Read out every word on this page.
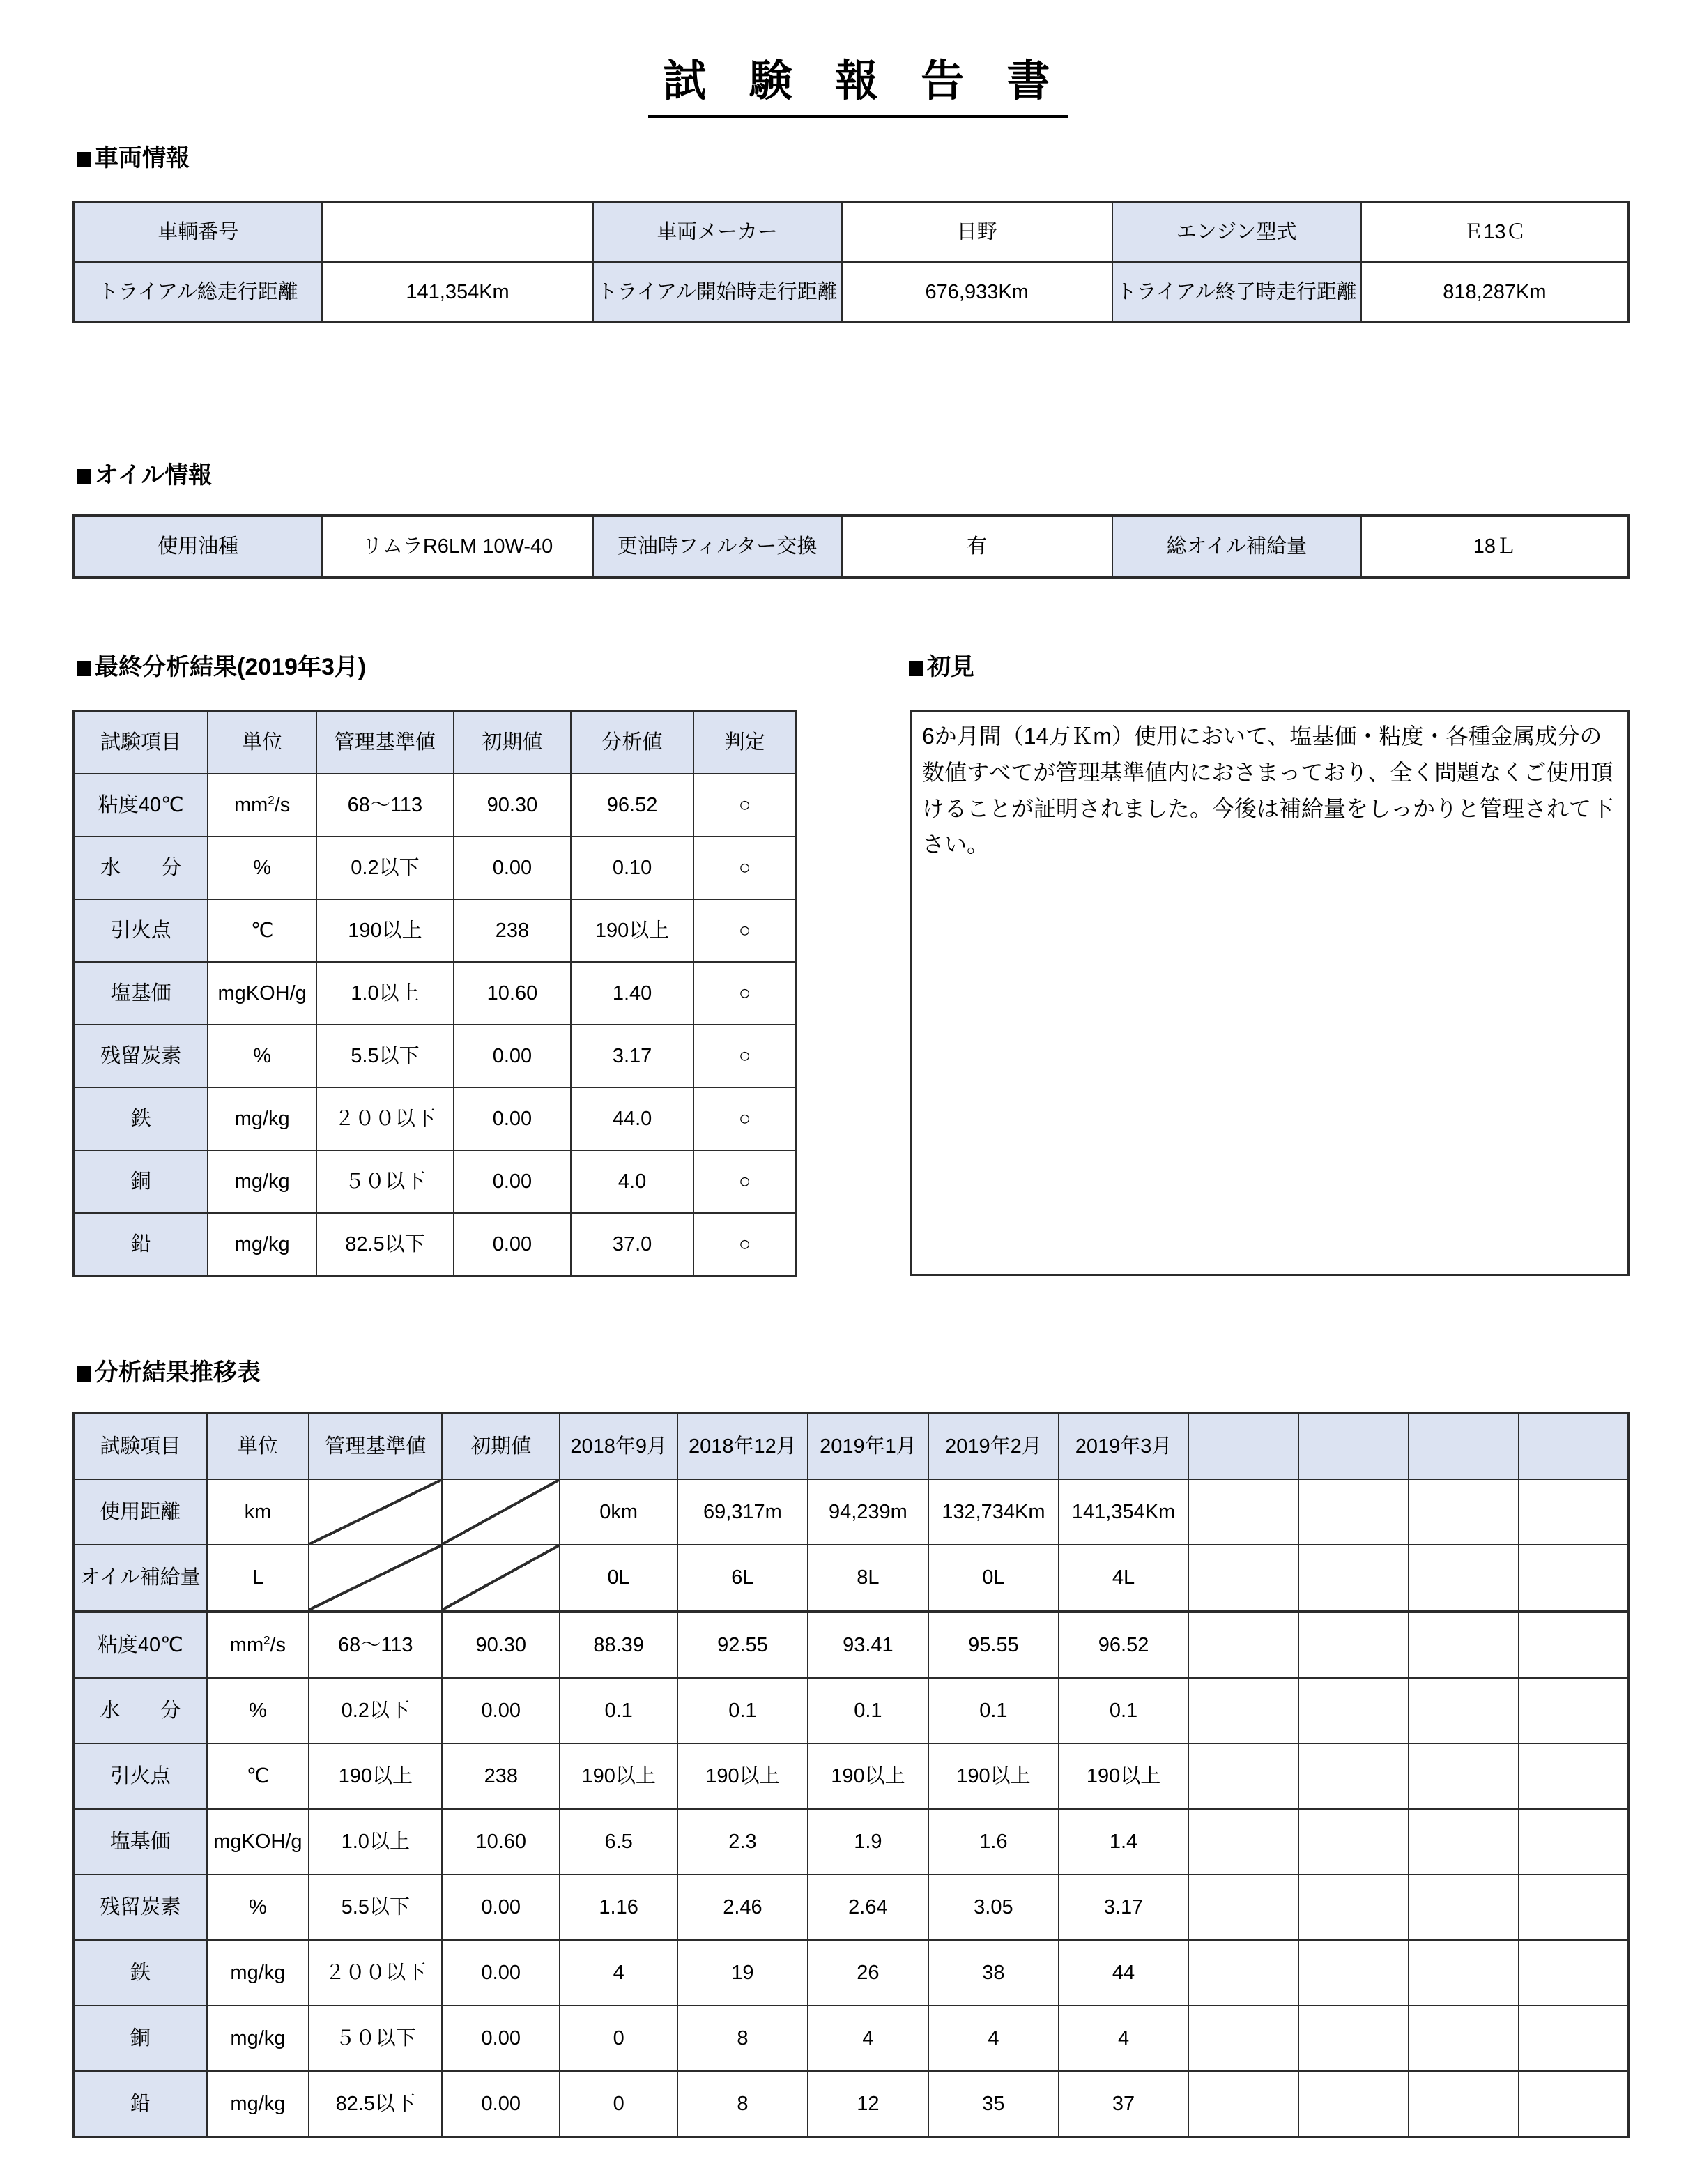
試 験 報 告 書
車両情報
車輌番号		車両メーカー	日野	エンジン型式	Ｅ13Ｃ
トライアル総走行距離	141,354Km	トライアル開始時走行距離	676,933Km	トライアル終了時走行距離	818,287Km
オイル情報
使用油種	リムラR6LM 10W-40	更油時フィルター交換	有	総オイル補給量	18Ｌ
最終分析結果(2019年3月)
試験項目	単位	管理基準値	初期値	分析値	判定
粘度40℃	$mm^2/s$	68〜113	90.30	96.52	○
水　　分	%	0.2以下	0.00	0.10	○
引火点	℃	190以上	238	190以上	○
塩基価	mgKOH/g	1.0以上	10.60	1.40	○
残留炭素	%	5.5以下	0.00	3.17	○
鉄	mg/kg	２００以下	0.00	44.0	○
銅	mg/kg	５０以下	0.00	4.0	○
鉛	mg/kg	82.5以下	0.00	37.0	○
初見
6か月間（14万Ｋm）使用において、塩基価・粘度・各種金属成分の数値すべてが管理基準値内におさまっており、全く問題なくご使用頂けることが証明されました。今後は補給量をしっかりと管理されて下さい。
分析結果推移表
試験項目	単位	管理基準値	初期値	2018年9月	2018年12月	2019年1月	2019年2月	2019年3月				
使用距離	km			0km	69,317m	94,239m	132,734Km	141,354Km				
オイル補給量	L			0L	6L	8L	0L	4L				
粘度40℃	$mm^2/s$	68〜113	90.30	88.39	92.55	93.41	95.55	96.52				
水　　分	%	0.2以下	0.00	0.1	0.1	0.1	0.1	0.1				
引火点	℃	190以上	238	190以上	190以上	190以上	190以上	190以上				
塩基価	mgKOH/g	1.0以上	10.60	6.5	2.3	1.9	1.6	1.4				
残留炭素	%	5.5以下	0.00	1.16	2.46	2.64	3.05	3.17				
鉄	mg/kg	２００以下	0.00	4	19	26	38	44				
銅	mg/kg	５０以下	0.00	0	8	4	4	4				
鉛	mg/kg	82.5以下	0.00	0	8	12	35	37				
